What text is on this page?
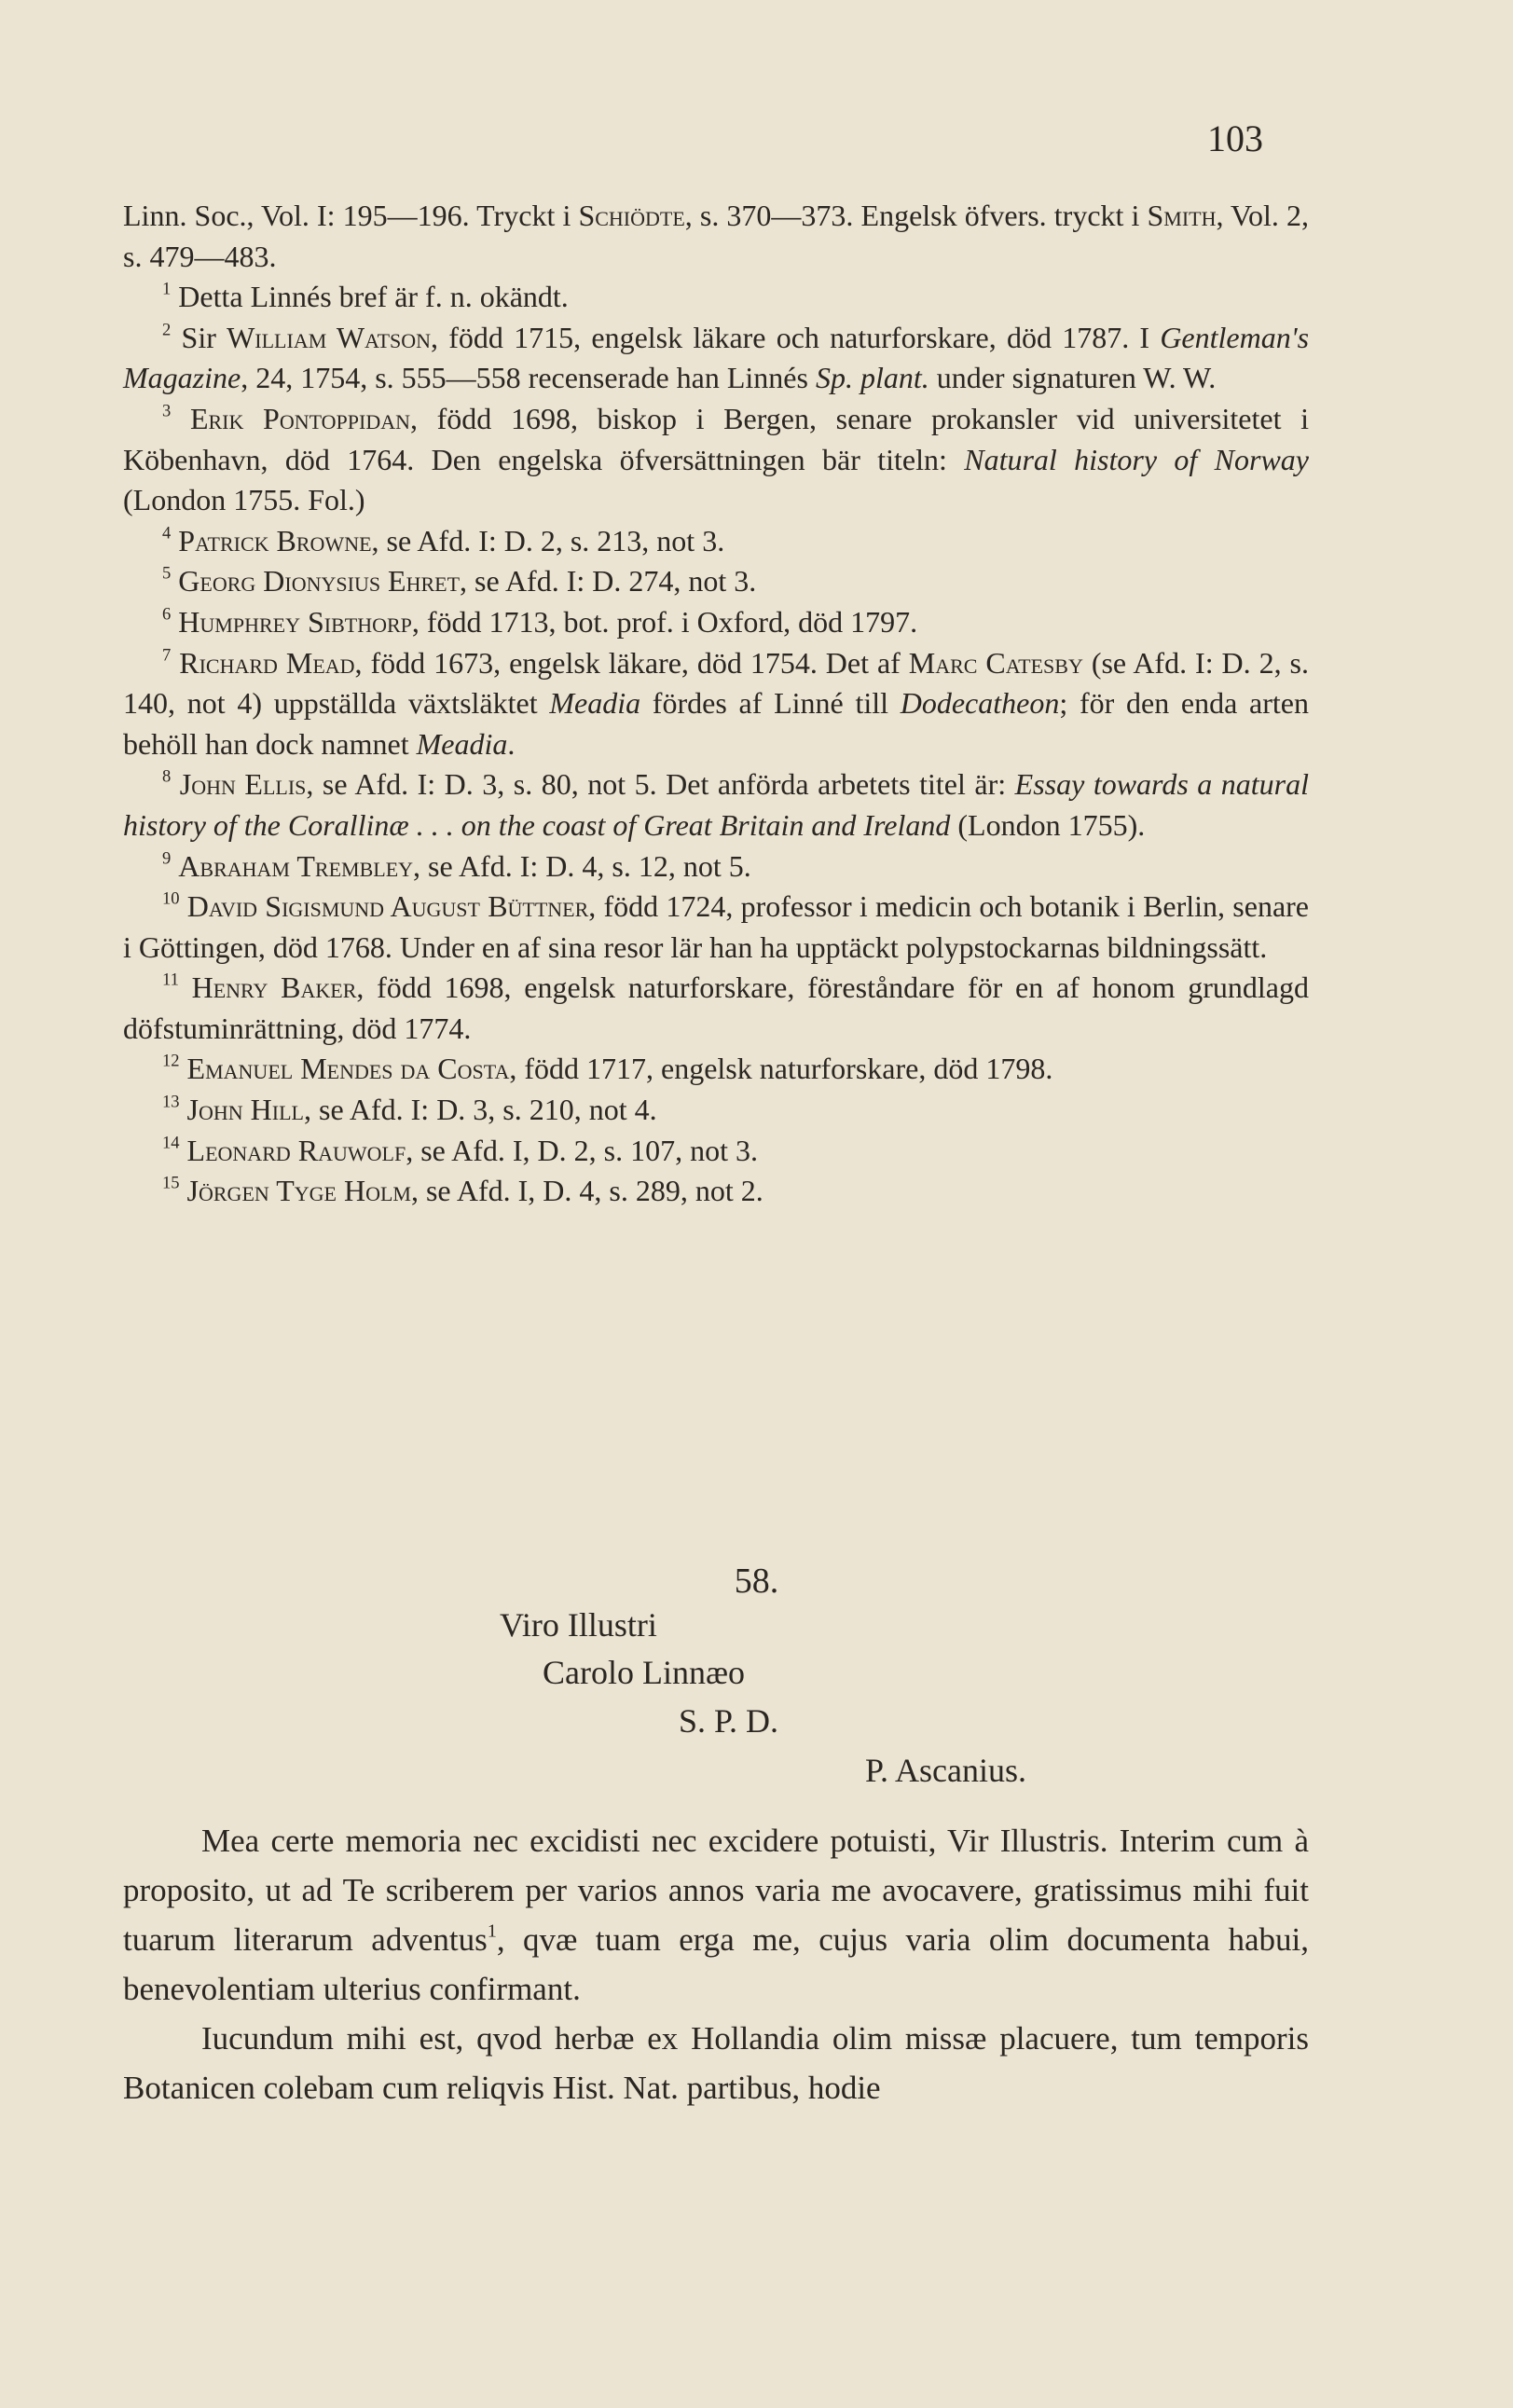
103

Linn. Soc., Vol. I: 195—196. Tryckt i Schiödte, s. 370—373. Engelsk öfvers. tryckt i Smith, Vol. 2, s. 479—483.

$^1$ Detta Linnés bref är f. n. okändt.

$^2$ Sir William Watson, född 1715, engelsk läkare och naturforskare, död 1787. I Gentleman's Magazine, 24, 1754, s. 555—558 recenserade han Linnés Sp. plant. under signaturen W. W.

$^3$ Erik Pontoppidan, född 1698, biskop i Bergen, senare prokansler vid universitetet i Köbenhavn, död 1764. Den engelska öfversättningen bär titeln: Natural history of Norway (London 1755. Fol.)

$^4$ Patrick Browne, se Afd. I: D. 2, s. 213, not 3.

$^5$ Georg Dionysius Ehret, se Afd. I: D. 274, not 3.

$^6$ Humphrey Sibthorp, född 1713, bot. prof. i Oxford, död 1797.

$^7$ Richard Mead, född 1673, engelsk läkare, död 1754. Det af Marc Catesby (se Afd. I: D. 2, s. 140, not 4) uppställda växtsläktet Meadia fördes af Linné till Dodecatheon; för den enda arten behöll han dock namnet Meadia.

$^8$ John Ellis, se Afd. I: D. 3, s. 80, not 5. Det anförda arbetets titel är: Essay towards a natural history of the Corallinæ . . . on the coast of Great Britain and Ireland (London 1755).

$^9$ Abraham Trembley, se Afd. I: D. 4, s. 12, not 5.

$^{10}$ David Sigismund August Büttner, född 1724, professor i medicin och botanik i Berlin, senare i Göttingen, död 1768. Under en af sina resor lär han ha upptäckt polypstockarnas bildningssätt.

$^{11}$ Henry Baker, född 1698, engelsk naturforskare, föreståndare för en af honom grundlagd döfstuminrättning, död 1774.

$^{12}$ Emanuel Mendes da Costa, född 1717, engelsk naturforskare, död 1798.

$^{13}$ John Hill, se Afd. I: D. 3, s. 210, not 4.

$^{14}$ Leonard Rauwolf, se Afd. I, D. 2, s. 107, not 3.

$^{15}$ Jörgen Tyge Holm, se Afd. I, D. 4, s. 289, not 2.

58.
Viro Illustri
Carolo Linnæo
S. P. D.
P. Ascanius.

Mea certe memoria nec excidisti nec excidere potuisti, Vir Illustris. Interim cum à proposito, ut ad Te scriberem per varios annos varia me avocavere, gratissimus mihi fuit tuarum literarum adventus$^1$, qvæ tuam erga me, cujus varia olim documenta habui, benevolentiam ulterius confirmant.

Iucundum mihi est, qvod herbæ ex Hollandia olim missæ placuere, tum temporis Botanicen colebam cum reliqvis Hist. Nat. partibus, hodie
